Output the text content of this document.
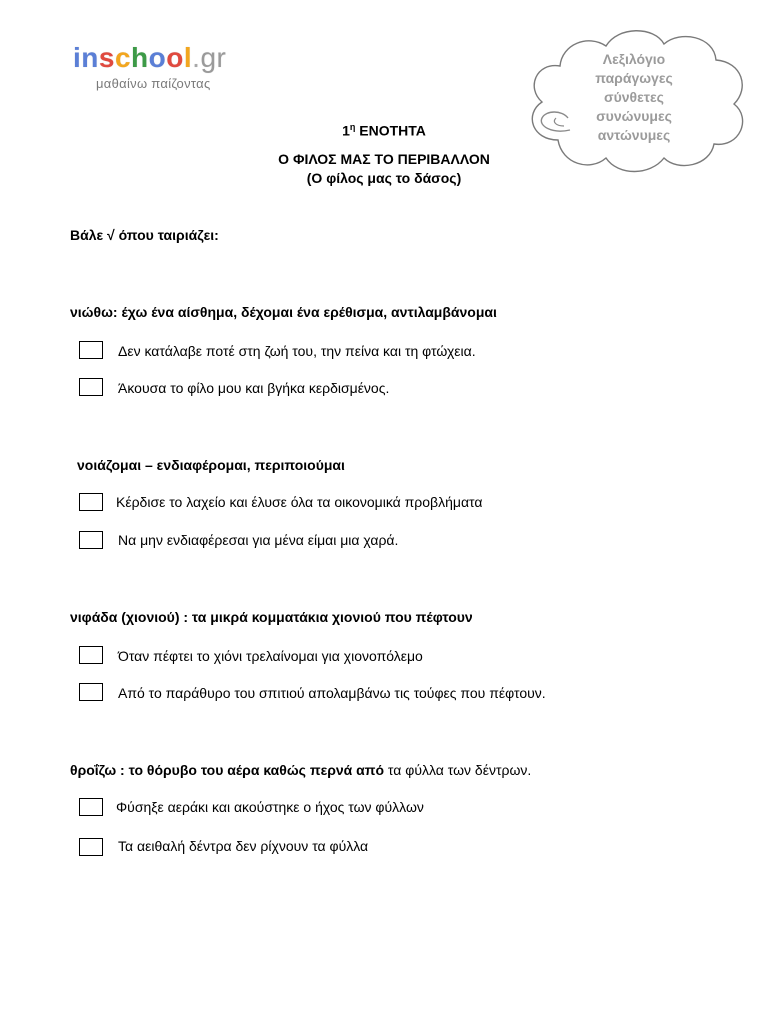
inschool.gr
μαθαίνω παίζοντας
Λεξιλόγιο
παράγωγες
σύνθετες
συνώνυμες
αντώνυμες
$1^\eta$ ΕΝΟΤΗΤΑ
Ο ΦΙΛΟΣ ΜΑΣ ΤΟ ΠΕΡΙΒΑΛΛΟΝ
(Ο φίλος μας το δάσος)
Βάλε √ όπου ταιριάζει:
νιώθω: έχω ένα αίσθημα, δέχομαι ένα ερέθισμα, αντιλαμβάνομαι
Δεν κατάλαβε ποτέ στη ζωή του, την πείνα και τη φτώχεια.
Άκουσα το φίλο μου και βγήκα κερδισμένος.
νοιάζομαι – ενδιαφέρομαι, περιποιούμαι
Κέρδισε το λαχείο και έλυσε όλα τα οικονομικά προβλήματα
Να μην ενδιαφέρεσαι για μένα είμαι μια χαρά.
νιφάδα (χιονιού) : τα μικρά κομματάκια χιονιού που πέφτουν
Όταν πέφτει το χιόνι τρελαίνομαι για χιονοπόλεμο
Από το παράθυρο του σπιτιού απολαμβάνω τις τούφες που πέφτουν.
θροΐζω : το θόρυβο του αέρα καθώς περνά από τα φύλλα των δέντρων.
Φύσηξε αεράκι και ακούστηκε ο ήχος των φύλλων
Τα αειθαλή δέντρα δεν ρίχνουν τα φύλλα
